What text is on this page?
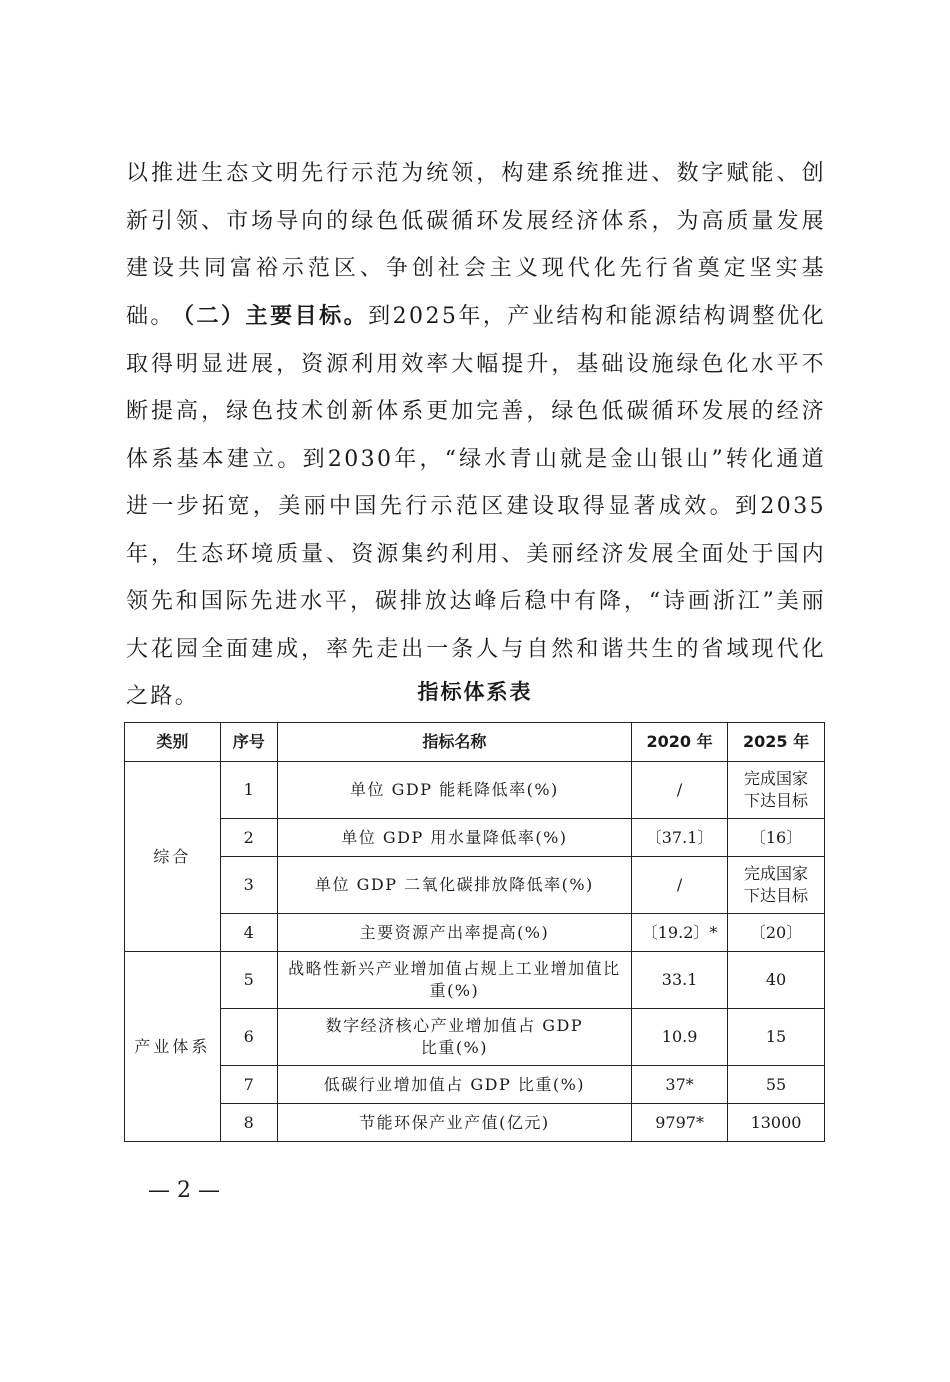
以推进生态文明先行示范为统领，构建系统推进、数字赋能、创新引领、市场导向的绿色低碳循环发展经济体系，为高质量发展建设共同富裕示范区、争创社会主义现代化先行省奠定坚实基础。

（二）主要目标。到2025年，产业结构和能源结构调整优化取得明显进展，资源利用效率大幅提升，基础设施绿色化水平不断提高，绿色技术创新体系更加完善，绿色低碳循环发展的经济体系基本建立。到2030年，“绿水青山就是金山银山”转化通道进一步拓宽，美丽中国先行示范区建设取得显著成效。到2035年，生态环境质量、资源集约利用、美丽经济发展全面处于国内领先和国际先进水平，碳排放达峰后稳中有降，“诗画浙江”美丽大花园全面建成，率先走出一条人与自然和谐共生的省域现代化之路。	指标体系表
类别	序号	指标名称	2020 年	2025 年
综合	1	单位 GDP 能耗降低率(%)	/	完成国家下达目标
	2	单位 GDP 用水量降低率(%)	〔37.1〕	〔16〕
	3	单位 GDP 二氧化碳排放降低率(%)	/	完成国家下达目标
	4	主要资源产出率提高(%)	〔19.2〕*	〔20〕
产业体系	5	战略性新兴产业增加值占规上工业增加值比重(%)	33.1	40
	6	数字经济核心产业增加值占 GDP 比重(%)	10.9	15
	7	低碳行业增加值占 GDP 比重(%)	37*	55
	8	节能环保产业产值(亿元)	9797*	13000
— 2 —
